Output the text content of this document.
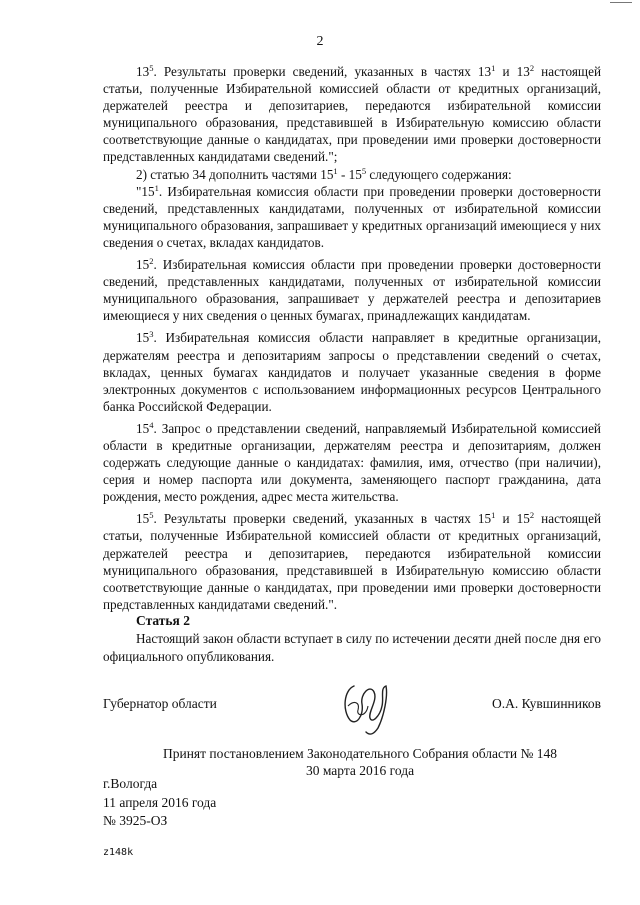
2

$13^5$. Результаты проверки сведений, указанных в частях $13^1$ и $13^2$ настоящей статьи, полученные Избирательной комиссией области от кредитных организаций, держателей реестра и депозитариев, передаются избирательной комиссии муниципального образования, представившей в Избирательную комиссию области соответствующие данные о кандидатах, при проведении ими проверки достоверности представленных кандидатами сведений.";

2) статью 34 дополнить частями $15^1 - 15^5$ следующего содержания:

"$15^1$. Избирательная комиссия области при проведении проверки достоверности сведений, представленных кандидатами, полученных от избирательной комиссии муниципального образования, запрашивает у кредитных организаций имеющиеся у них сведения о счетах, вкладах кандидатов.

$15^2$. Избирательная комиссия области при проведении проверки достоверности сведений, представленных кандидатами, полученных от избирательной комиссии муниципального образования, запрашивает у держателей реестра и депозитариев имеющиеся у них сведения о ценных бумагах, принадлежащих кандидатам.

$15^3$. Избирательная комиссия области направляет в кредитные организации, держателям реестра и депозитариям запросы о представлении сведений о счетах, вкладах, ценных бумагах кандидатов и получает указанные сведения в форме электронных документов с использованием информационных ресурсов Центрального банка Российской Федерации.

$15^4$. Запрос о представлении сведений, направляемый Избирательной комиссией области в кредитные организации, держателям реестра и депозитариям, должен содержать следующие данные о кандидатах: фамилия, имя, отчество (при наличии), серия и номер паспорта или документа, заменяющего паспорт гражданина, дата рождения, место рождения, адрес места жительства.

$15^5$. Результаты проверки сведений, указанных в частях $15^1$ и $15^2$ настоящей статьи, полученные Избирательной комиссией области от кредитных организаций, держателей реестра и депозитариев, передаются избирательной комиссии муниципального образования, представившей в Избирательную комиссию области соответствующие данные о кандидатах, при проведении ими проверки достоверности представленных кандидатами сведений.".

Статья 2

Настоящий закон области вступает в силу по истечении десяти дней после дня его официального опубликования.

Губернатор области	О.А. Кувшинников
Принят постановлением Законодательного Собрания области № 148
30 марта 2016 года
г.Вологда
11 апреля 2016 года
№ 3925-ОЗ
z148k
